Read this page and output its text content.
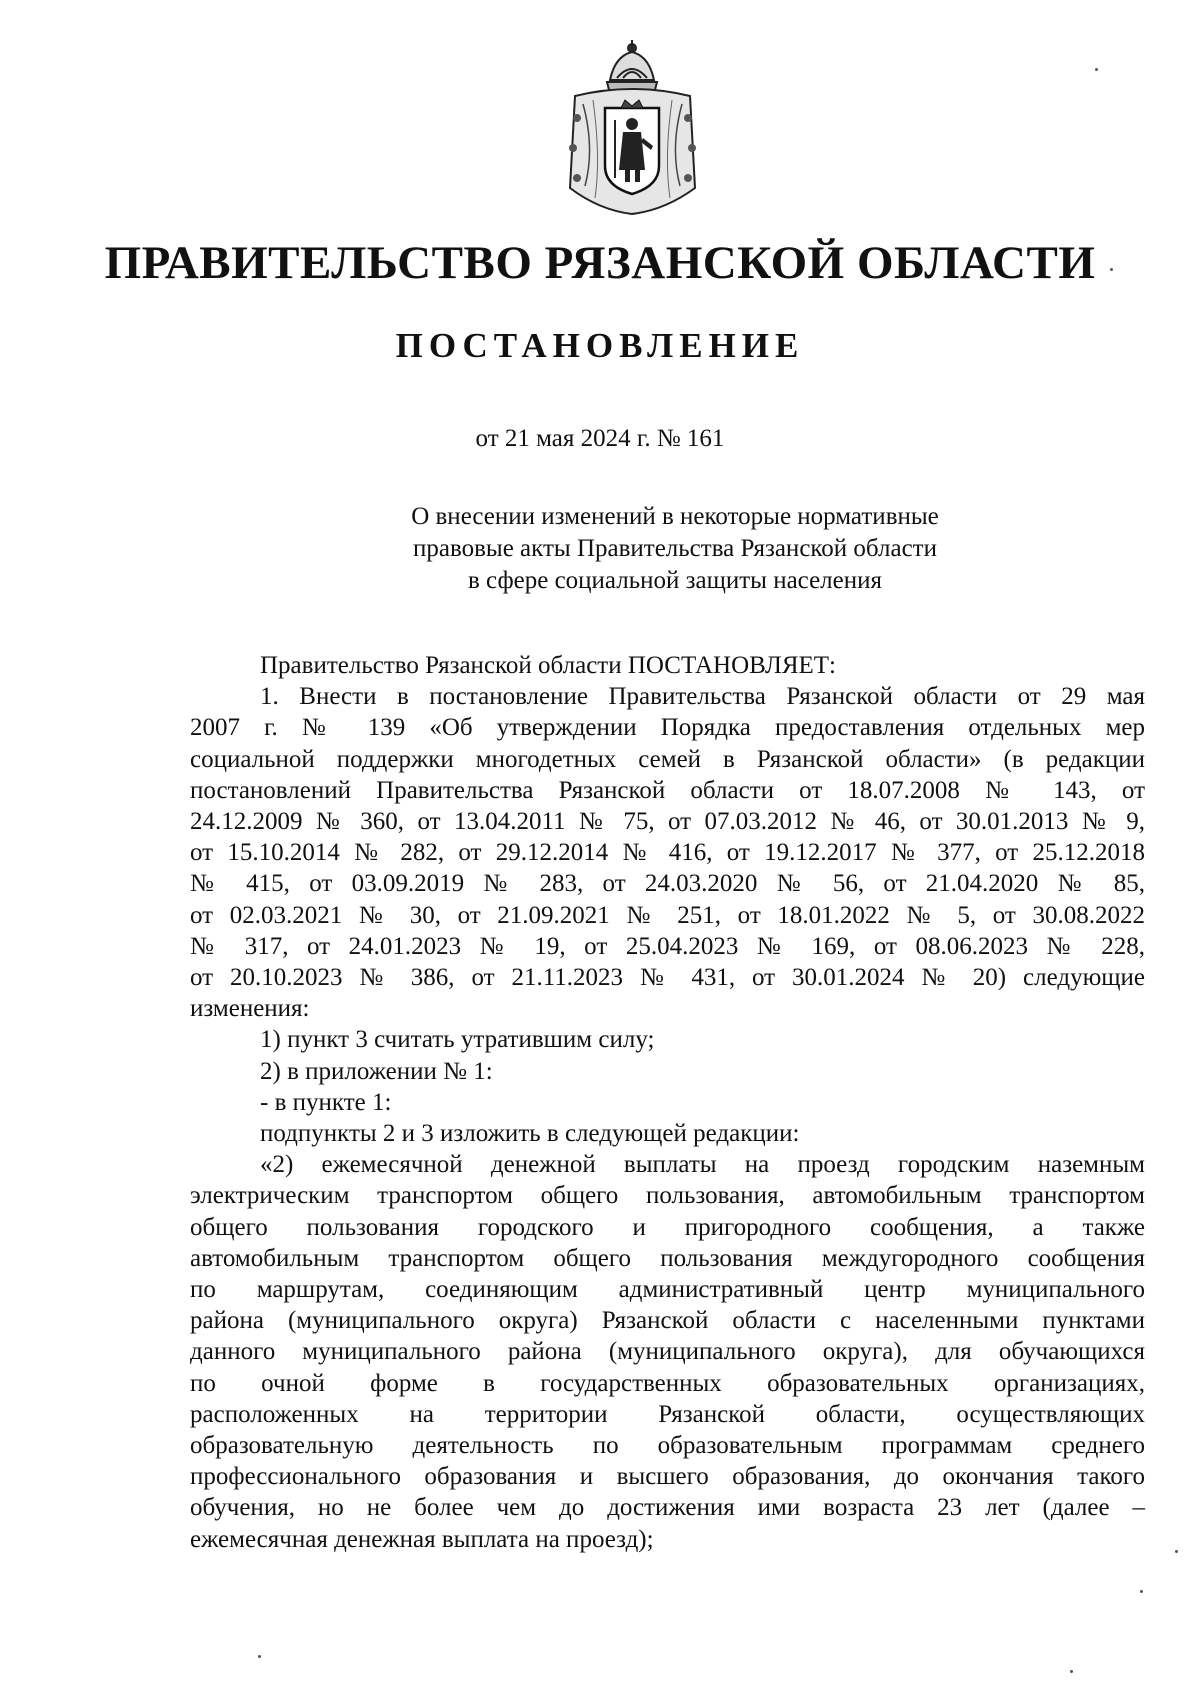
ПРАВИТЕЛЬСТВО РЯЗАНСКОЙ ОБЛАСТИ
ПОСТАНОВЛЕНИЕ
от 21 мая 2024 г. № 161
О внесении изменений в некоторые нормативные
правовые акты Правительства Рязанской области
в сфере социальной защиты населения

Правительство Рязанской области ПОСТАНОВЛЯЕТ:

1. Внести в постановление Правительства Рязанской области от 29 мая

2007 г. № 139 «Об утверждении Порядка предоставления отдельных мер

социальной поддержки многодетных семей в Рязанской области» (в редакции

постановлений Правительства Рязанской области от 18.07.2008 № 143, от

24.12.2009 № 360, от 13.04.2011 № 75, от 07.03.2012 № 46, от 30.01.2013 № 9,

от 15.10.2014 № 282, от 29.12.2014 № 416, от 19.12.2017 № 377, от 25.12.2018

№ 415, от 03.09.2019 № 283, от 24.03.2020 № 56, от 21.04.2020 № 85,

от 02.03.2021 № 30, от 21.09.2021 № 251, от 18.01.2022 № 5, от 30.08.2022

№ 317, от 24.01.2023 № 19, от 25.04.2023 № 169, от 08.06.2023 № 228,

от 20.10.2023 № 386, от 21.11.2023 № 431, от 30.01.2024 № 20) следующие

изменения:

1) пункт 3 считать утратившим силу;

2) в приложении № 1:

- в пункте 1:

подпункты 2 и 3 изложить в следующей редакции:

«2) ежемесячной денежной выплаты на проезд городским наземным

электрическим транспортом общего пользования, автомобильным транспортом

общего пользования городского и пригородного сообщения, а также

автомобильным транспортом общего пользования междугородного сообщения

по маршрутам, соединяющим административный центр муниципального

района (муниципального округа) Рязанской области с населенными пунктами

данного муниципального района (муниципального округа), для обучающихся

по очной форме в государственных образовательных организациях,

расположенных на территории Рязанской области, осуществляющих

образовательную деятельность по образовательным программам среднего

профессионального образования и высшего образования, до окончания такого

обучения, но не более чем до достижения ими возраста 23 лет (далее –

ежемесячная денежная выплата на проезд);
